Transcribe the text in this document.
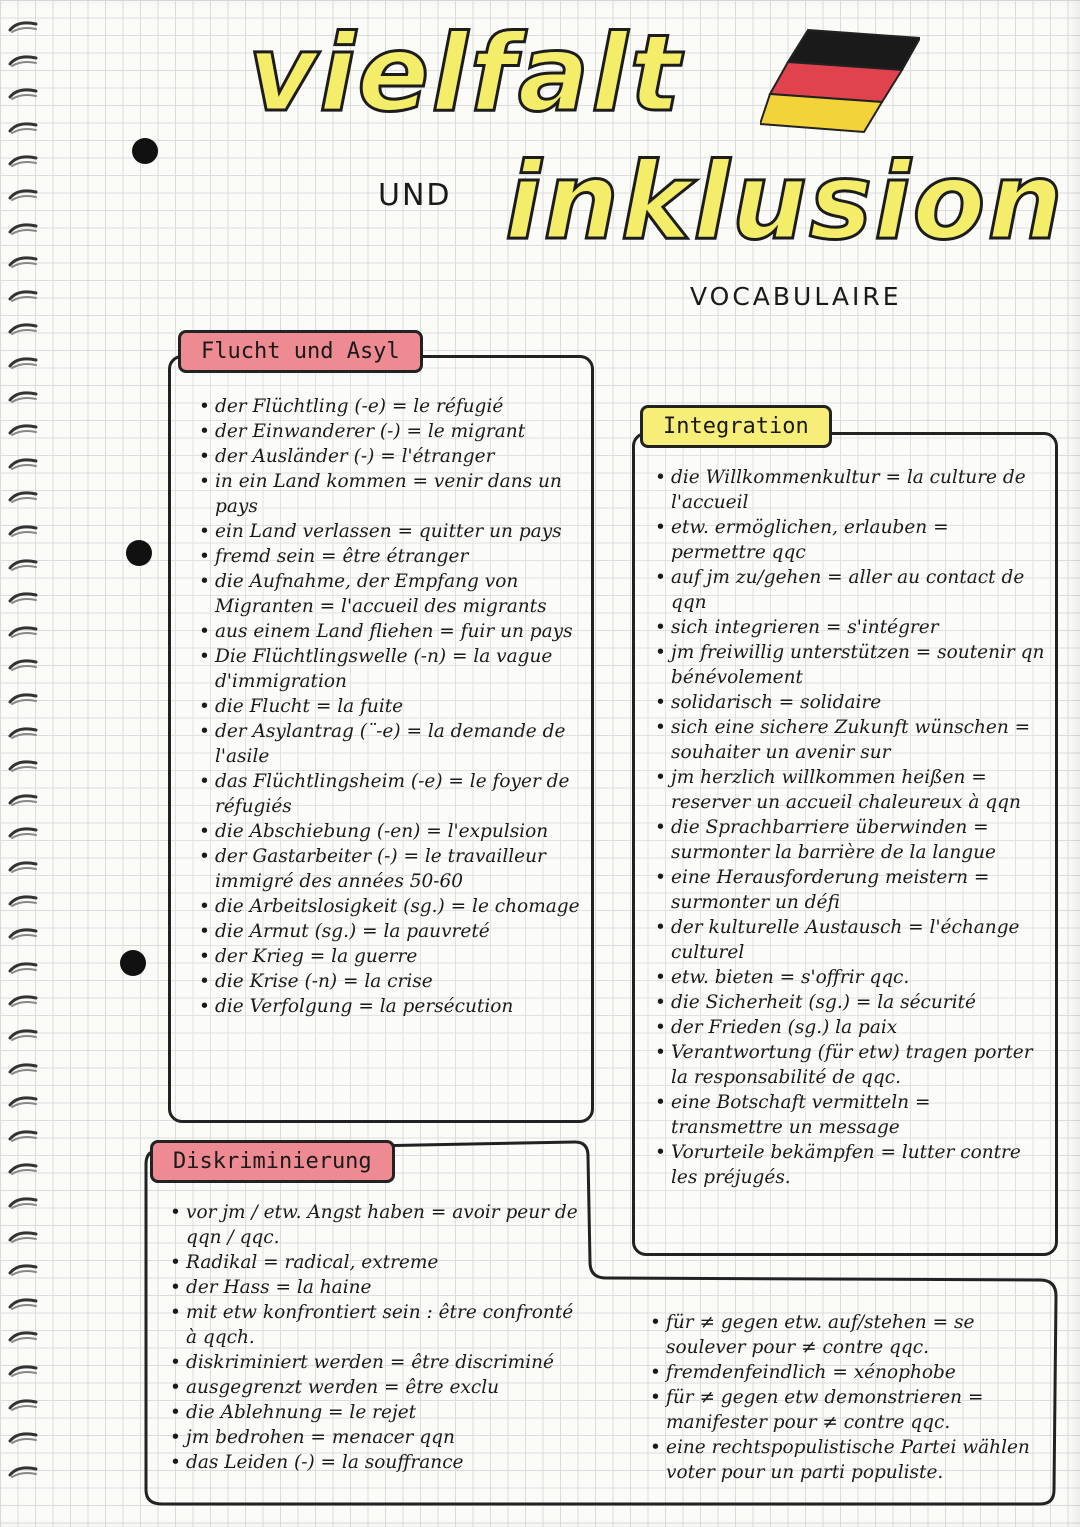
vielfalt
UND inklusion
VOCABULAIRE
• der Flüchtling (-e) = le réfugié
• der Einwanderer (-) = le migrant
• der Ausländer (-) = l'étranger
• in ein Land kommen = venir dans un pays
• ein Land verlassen = quitter un pays
• fremd sein = être étranger
• die Aufnahme, der Empfang von Migranten = l'accueil des migrants
• aus einem Land fliehen = fuir un pays
• Die Flüchtlingswelle (-n) = la vague d'immigration
• die Flucht = la fuite
• der Asylantrag (¨-e) = la demande de l'asile
• das Flüchtlingsheim (-e) = le foyer de réfugiés
• die Abschiebung (-en) = l'expulsion
• der Gastarbeiter (-) = le travailleur immigré des années 50-60
• die Arbeitslosigkeit (sg.) = le chomage
• die Armut (sg.) = la pauvreté
• der Krieg = la guerre
• die Krise (-n) = la crise
• die Verfolgung = la persécution
Flucht und Asyl
• die Willkommenkultur = la culture de l'accueil
• etw. ermöglichen, erlauben = permettre qqc
• auf jm zu/gehen = aller au contact de qqn
• sich integrieren = s'intégrer
• jm freiwillig unterstützen = soutenir qn bénévolement
• solidarisch = solidaire
• sich eine sichere Zukunft wünschen = souhaiter un avenir sur
• jm herzlich willkommen heißen = reserver un accueil chaleureux à qqn
• die Sprachbarriere überwinden = surmonter la barrière de la langue
• eine Herausforderung meistern = surmonter un défi
• der kulturelle Austausch = l'échange culturel
• etw. bieten = s'offrir qqc.
• die Sicherheit (sg.) = la sécurité
• der Frieden (sg.) la paix
• Verantwortung (für etw) tragen porter la responsabilité de qqc.
• eine Botschaft vermitteln = transmettre un message
• Vorurteile bekämpfen = lutter contre les préjugés.
Integration
• vor jm / etw. Angst haben = avoir peur de qqn / qqc.
• Radikal = radical, extreme
• der Hass = la haine
• mit etw konfrontiert sein : être confronté à qqch.
• diskriminiert werden = être discriminé
• ausgegrenzt werden = être exclu
• die Ablehnung = le rejet
• jm bedrohen = menacer qqn
• das Leiden (-) = la souffrance
• für ≠ gegen etw. auf/stehen = se soulever pour ≠ contre qqc.
• fremdenfeindlich = xénophobe
• für ≠ gegen etw demonstrieren = manifester pour ≠ contre qqc.
• eine rechtspopulistische Partei wählen voter pour un parti populiste.
Diskriminierung
